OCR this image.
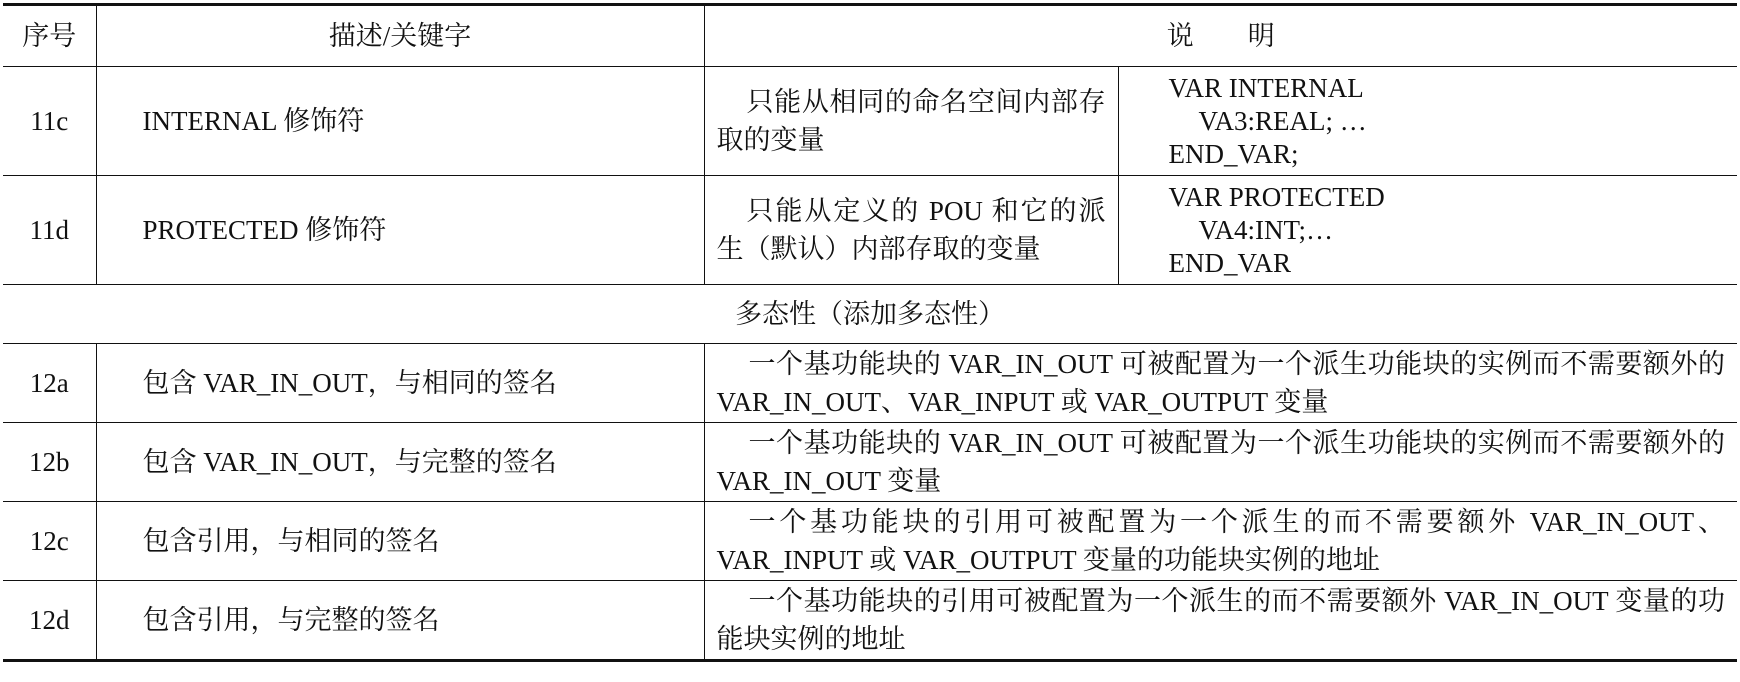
序号	描述/关键字	说　　明	
11c	INTERNAL 修饰符	只能从相同的命名空间内部存取的变量	VAR INTERNAL
VA3:REAL; …
END_VAR;

11d	PROTECTED 修饰符	只能从定义的 POU 和它的派生（默认）内部存取的变量	VAR PROTECTED
VA4:INT;…
END_VAR

多态性（添加多态性）			
12a	包含 VAR_IN_OUT，与相同的签名	一个基功能块的 VAR_IN_OUT 可被配置为一个派生功能块的实例而不需要额外的 VAR_IN_OUT、VAR_INPUT 或 VAR_OUTPUT 变量	
12b	包含 VAR_IN_OUT，与完整的签名	一个基功能块的 VAR_IN_OUT 可被配置为一个派生功能块的实例而不需要额外的 VAR_IN_OUT 变量	
12c	包含引用，与相同的签名	一个基功能块的引用可被配置为一个派生的而不需要额外 VAR_IN_OUT、VAR_INPUT 或 VAR_OUTPUT 变量的功能块实例的地址	
12d	包含引用，与完整的签名	一个基功能块的引用可被配置为一个派生的而不需要额外 VAR_IN_OUT 变量的功能块实例的地址	
